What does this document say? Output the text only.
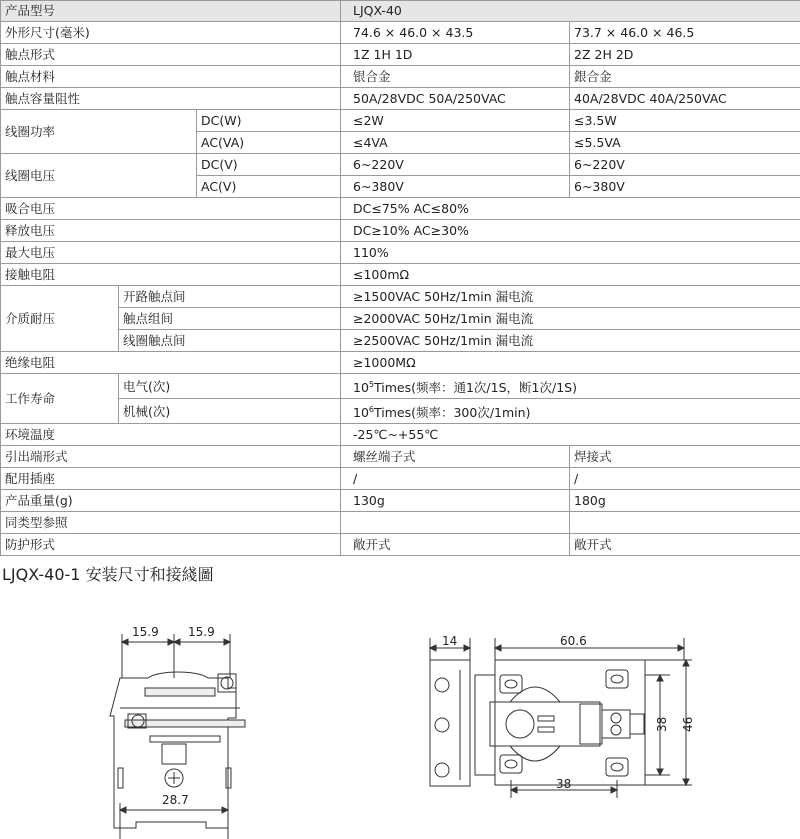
产品型号			LJQX-40	
外形尺寸(毫米)			74.6 × 46.0 × 43.5	73.7 × 46.0 × 46.5
触点形式			1Z 1H 1D	2Z 2H 2D
触点材料			银合金	銀合金
触点容量阻性			50A/28VDC 50A/250VAC	40A/28VDC 40A/250VAC
线圈功率		DC(W)	≤2W	≤3.5W
		AC(VA)	≤4VA	≤5.5VA
线圈电压		DC(V)	6~220V	6~220V
		AC(V)	6~380V	6~380V
吸合电压			DC≤75% AC≤80%	
释放电压			DC≥10% AC≥30%	
最大电压			110%	
接触电阻			≤100mΩ	
介质耐压	开路触点间		≥1500VAC 50Hz/1min 漏电流	
	触点组间		≥2000VAC 50Hz/1min 漏电流	
	线圈触点间		≥2500VAC 50Hz/1min 漏电流	
绝缘电阻			≥1000MΩ	
工作寿命	电气(次)		$10^5Times$(频率：通1次/1S，断1次/1S)	
	机械(次)		$10^6Times$(频率：300次/1min)	
环境温度			-25℃~+55℃	
引出端形式			螺丝端子式	焊接式
配用插座			/	/
产品重量(g)			130g	180g
同类型参照				
防护形式			敞开式	敞开式
LJQX-40-1 安装尺寸和接綫圖
15.9 15.9
28.7
14	60.6
38
38 46
